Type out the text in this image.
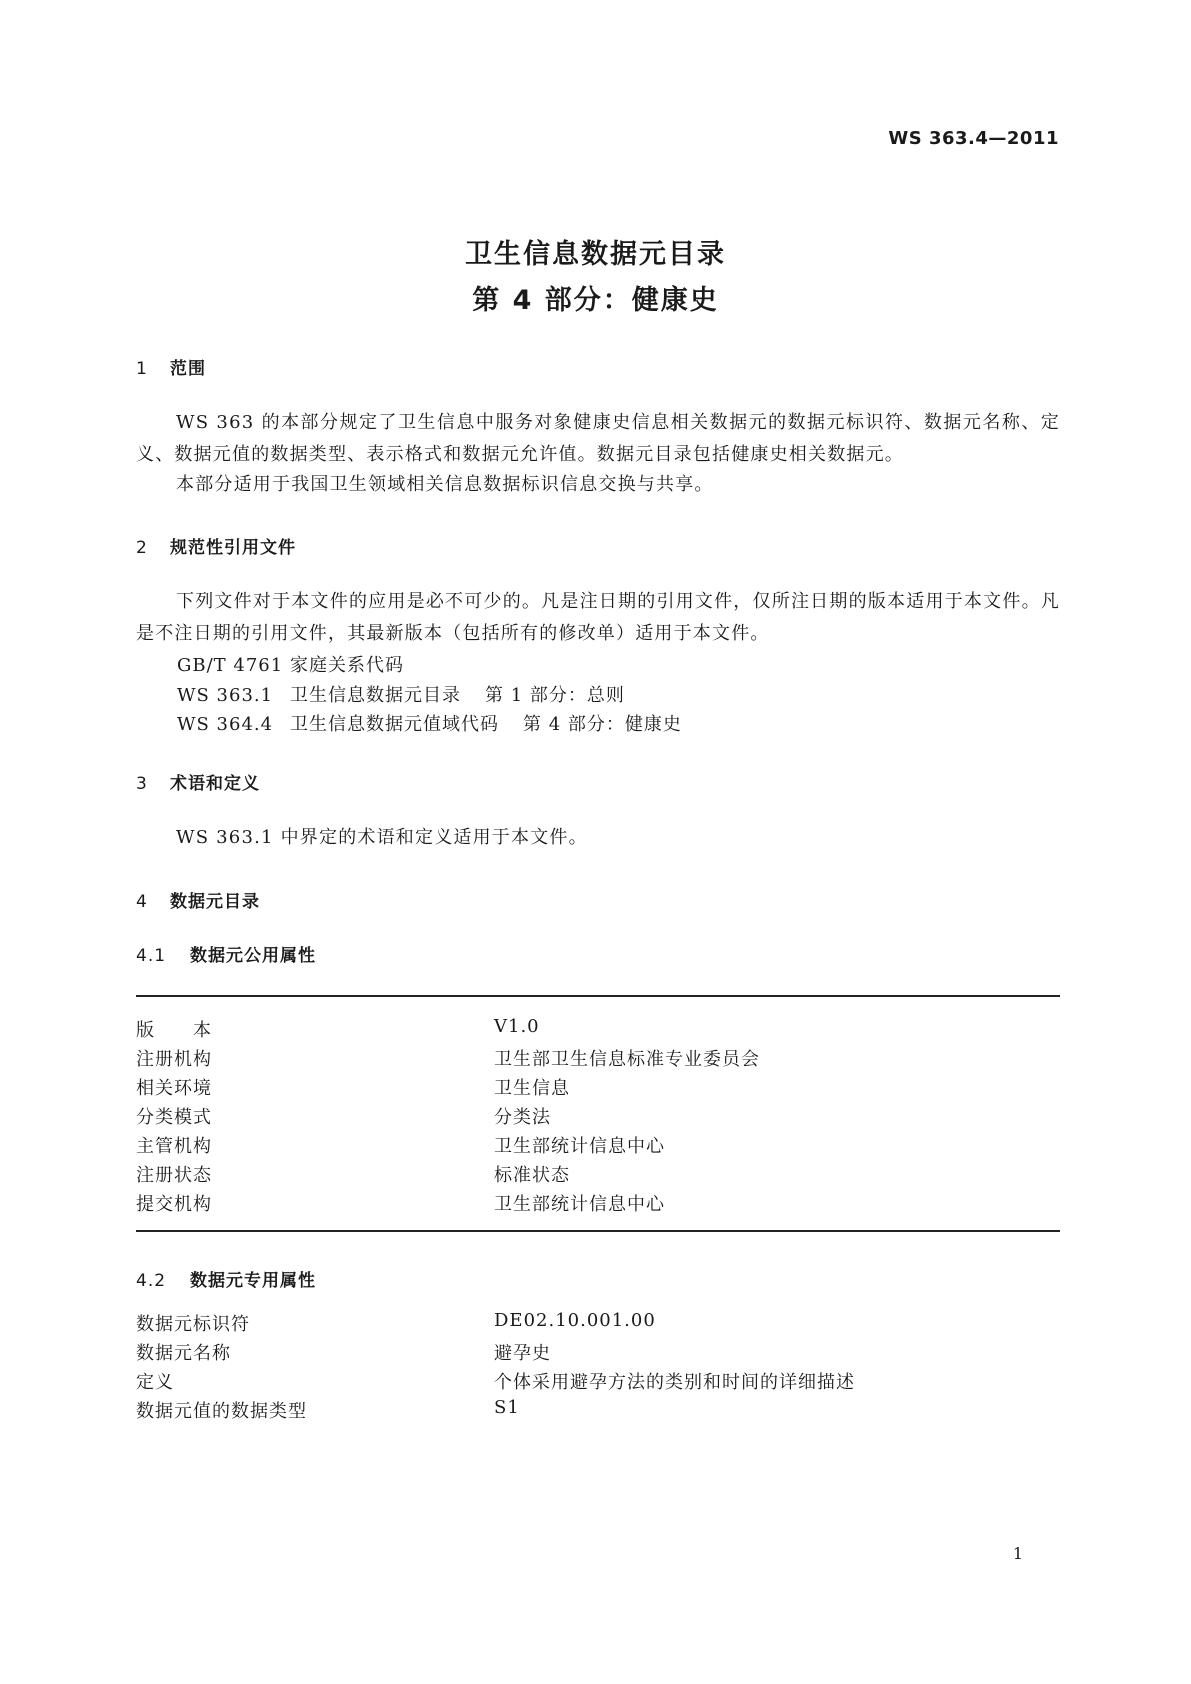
WS 363.4—2011
卫生信息数据元目录
第 4 部分：健康史
1 范围
WS 363 的本部分规定了卫生信息中服务对象健康史信息相关数据元的数据元标识符、数据元名称、定义、数据元值的数据类型、表示格式和数据元允许值。数据元目录包括健康史相关数据元。
本部分适用于我国卫生领域相关信息数据标识信息交换与共享。
2 规范性引用文件
下列文件对于本文件的应用是必不可少的。凡是注日期的引用文件，仅所注日期的版本适用于本文件。凡是不注日期的引用文件，其最新版本（包括所有的修改单）适用于本文件。
GB/T 4761 家庭关系代码
WS 363.1 卫生信息数据元目录 第 1 部分：总则
WS 364.4 卫生信息数据元值域代码 第 4 部分：健康史
3 术语和定义
WS 363.1 中界定的术语和定义适用于本文件。
4 数据元目录
4.1 数据元公用属性
版　　本	V1.0
注册机构	卫生部卫生信息标准专业委员会
相关环境	卫生信息
分类模式	分类法
主管机构	卫生部统计信息中心
注册状态	标准状态
提交机构	卫生部统计信息中心
4.2 数据元专用属性
数据元标识符	DE02.10.001.00
数据元名称	避孕史
定义	个体采用避孕方法的类别和时间的详细描述
数据元值的数据类型	S1
1
